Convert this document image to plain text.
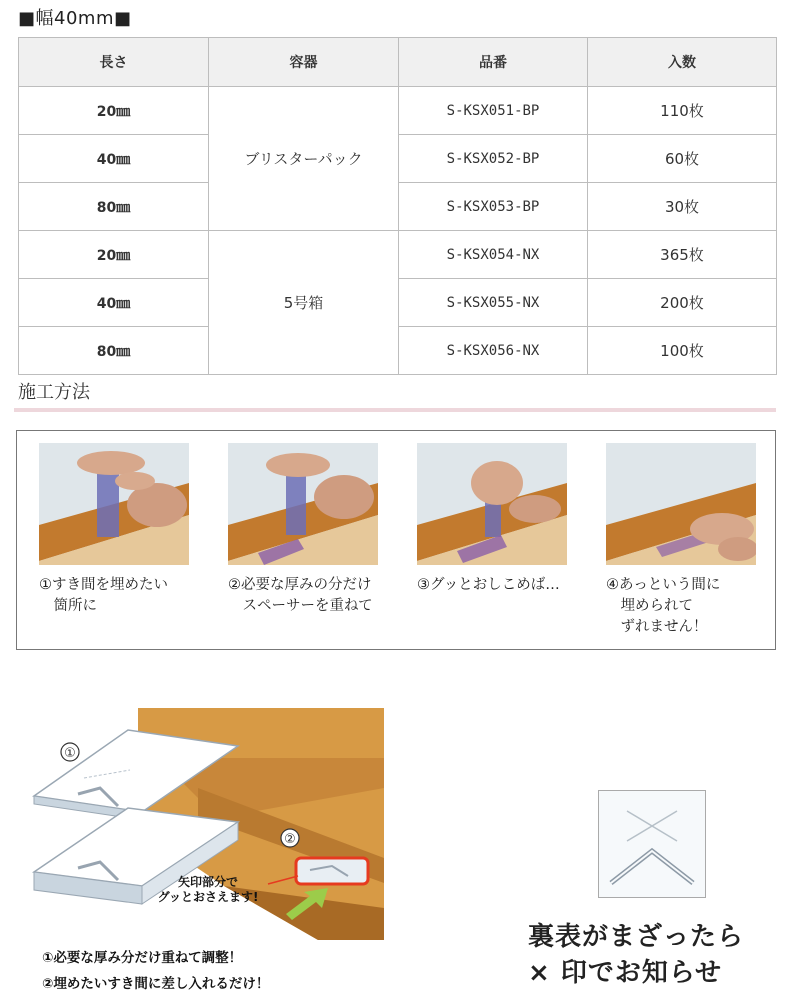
■幅40mm■
長さ	容器	品番	入数
20㎜	ブリスターパック	S-KSX051-BP	110枚
40㎜		S-KSX052-BP	60枚
80㎜		S-KSX053-BP	30枚
20㎜	5号箱	S-KSX054-NX	365枚
40㎜		S-KSX055-NX	200枚
80㎜		S-KSX056-NX	100枚
施工方法
①すき間を埋めたい
　箇所に
②必要な厚みの分だけ
　スペーサーを重ねて
③グッとおしこめば…	④あっという間に
　埋められて
　ずれません！
①
②
矢印部分で
グッとおさえます!
①必要な厚み分だけ重ねて調整！
②埋めたいすき間に差し入れるだけ！
裏表がまざったら
× 印でお知らせ
